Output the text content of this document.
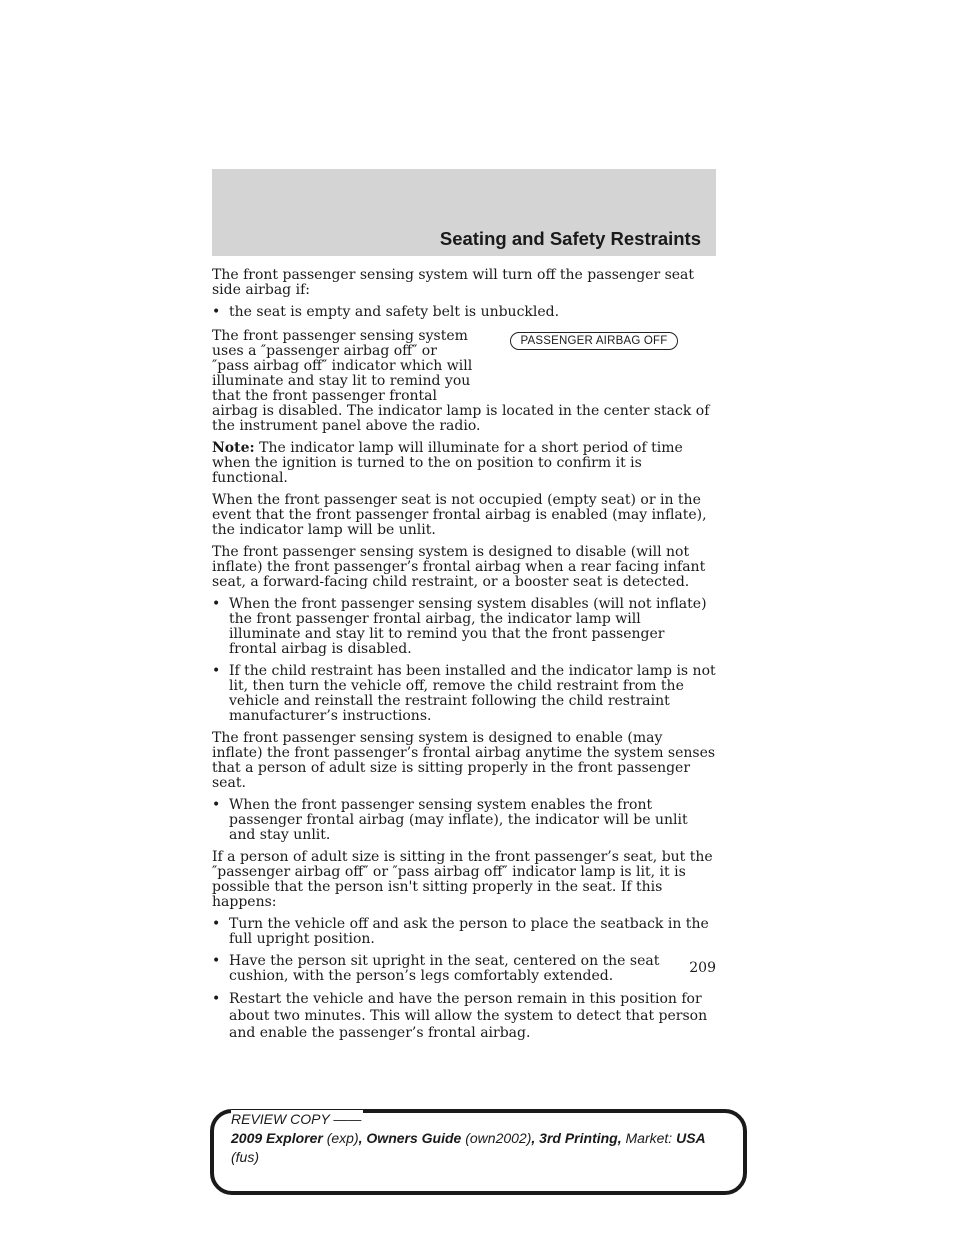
Seating and Safety Restraints

The front passenger sensing system will turn off the passenger seat side airbag if:

• the seat is empty and safety belt is unbuckled.

PASSENGER AIRBAG OFF
The front passenger sensing system uses a ″passenger airbag off″ or ″pass airbag off″ indicator which will illuminate and stay lit to remind you that the front passenger frontal airbag is disabled. The indicator lamp is located in the center stack of the instrument panel above the radio.

Note: The indicator lamp will illuminate for a short period of time when the ignition is turned to the on position to confirm it is functional.

When the front passenger seat is not occupied (empty seat) or in the event that the front passenger frontal airbag is enabled (may inflate), the indicator lamp will be unlit.

The front passenger sensing system is designed to disable (will not inflate) the front passenger’s frontal airbag when a rear facing infant seat, a forward-facing child restraint, or a booster seat is detected.

• When the front passenger sensing system disables (will not inflate) the front passenger frontal airbag, the indicator lamp will illuminate and stay lit to remind you that the front passenger frontal airbag is disabled.
• If the child restraint has been installed and the indicator lamp is not lit, then turn the vehicle off, remove the child restraint from the vehicle and reinstall the restraint following the child restraint manufacturer’s instructions.

The front passenger sensing system is designed to enable (may inflate) the front passenger’s frontal airbag anytime the system senses that a person of adult size is sitting properly in the front passenger seat.

• When the front passenger sensing system enables the front passenger frontal airbag (may inflate), the indicator will be unlit and stay unlit.

If a person of adult size is sitting in the front passenger’s seat, but the ″passenger airbag off″ or ″pass airbag off″ indicator lamp is lit, it is possible that the person isn't sitting properly in the seat. If this happens:

• Turn the vehicle off and ask the person to place the seatback in the full upright position.
• Have the person sit upright in the seat, centered on the seat cushion, with the person’s legs comfortably extended.
• Restart the vehicle and have the person remain in this position for about two minutes. This will allow the system to detect that person and enable the passenger’s frontal airbag.
209
REVIEW COPY ——
2009 Explorer (exp), Owners Guide (own2002), 3rd Printing, Market: USA
(fus)
